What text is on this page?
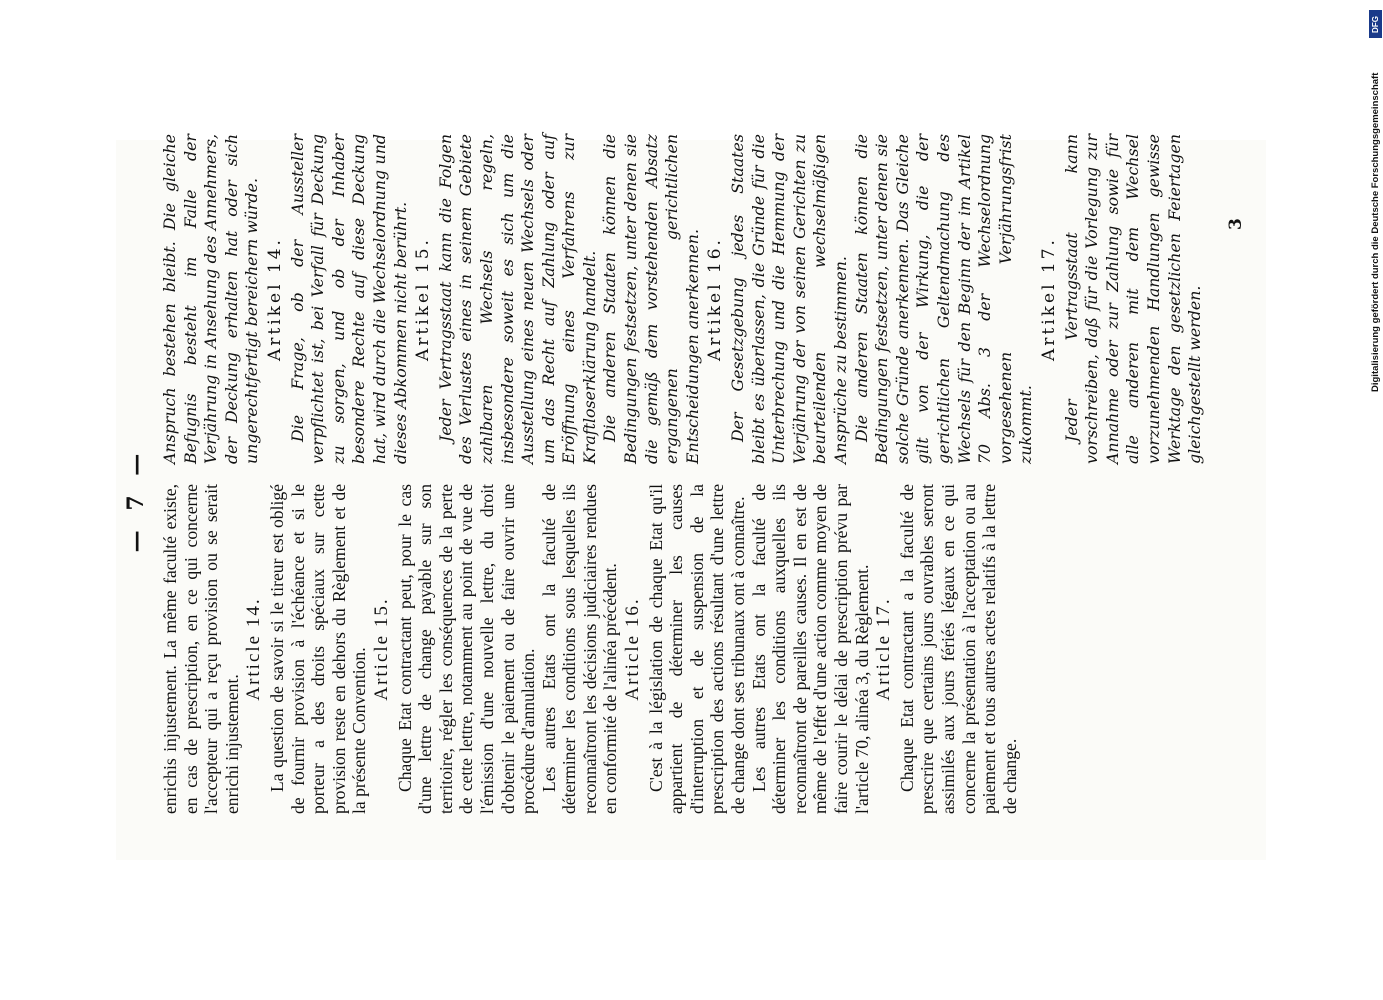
— 7 — enrichis injustement. La même faculté existe, en cas de prescription, en ce qui concerne l'accepteur qui a reçu provision ou se serait enrichi injustement.

Article 14. La question de savoir si le tireur est obligé de fournir provision à l'échéance et si le porteur a des droits spéciaux sur cette provision reste en dehors du Règlement et de la présente Convention. Article 15. Chaque Etat contractant peut, pour le cas d'une lettre de change payable sur son territoire, régler les conséquences de la perte de cette lettre, notamment au point de vue de l'émission d'une nouvelle lettre, du droit d'obtenir le paiement ou de faire ouvrir une procédure d'annulation. Les autres Etats ont la faculté de déterminer les conditions sous lesquelles ils reconnaîtront les décisions judiciaires rendues en conformité de l'alinéa précédent. Article 16. C'est à la législation de chaque Etat qu'il appartient de déterminer les causes d'interruption et de suspension de la prescription des actions résultant d'une lettre de change dont ses tribunaux ont à connaître. Les autres Etats ont la faculté de déterminer les conditions auxquelles ils reconnaîtront de pareilles causes. Il en est de même de l'effet d'une action comme moyen de faire courir le délai de prescription prévu par l'article 70, alinéa 3, du Règlement. Article 17. Chaque Etat contractant a la faculté de prescrire que certains jours ouvrables seront assimilés aux jours fériés légaux en ce qui concerne la présentation à l'acceptation ou au paiement et tous autres actes relatifs à la lettre de change.

Anspruch bestehen bleibt. Die gleiche Befugnis besteht im Falle der Verjährung in Ansehung des Annehmers, der Deckung erhalten hat oder sich ungerechtfertigt bereichern würde. Artikel 14. Die Frage, ob der Aussteller verpflichtet ist, bei Verfall für Deckung zu sorgen, und ob der Inhaber besondere Rechte auf diese Deckung hat, wird durch die Wechselordnung und dieses Abkommen nicht berührt. Artikel 15. Jeder Vertragsstaat kann die Folgen des Verlustes eines in seinem Gebiete zahlbaren Wechsels regeln, insbesondere soweit es sich um die Ausstellung eines neuen Wechsels oder um das Recht auf Zahlung oder auf Eröffnung eines Verfahrens zur Kraftloserklärung handelt. Die anderen Staaten können die Bedingungen festsetzen, unter denen sie die gemäß dem vorstehenden Absatz ergangenen gerichtlichen Entscheidungen anerkennen. Artikel 16. Der Gesetzgebung jedes Staates bleibt es überlassen, die Gründe für die Unterbrechung und die Hemmung der Verjährung der von seinen Gerichten zu beurteilenden wechselmäßigen Ansprüche zu bestimmen. Die anderen Staaten können die Bedingungen festsetzen, unter denen sie solche Gründe anerkennen. Das Gleiche gilt von der Wirkung, die der gerichtlichen Geltendmachung des Wechsels für den Beginn der im Artikel 70 Abs. 3 der Wechselordnung vorgesehenen Verjährungsfrist zukommt.

Artikel 17. Jeder Vertragsstaat kann vorschreiben, daß für die Vorlegung zur Annahme oder zur Zahlung sowie für alle anderen mit dem Wechsel vorzunehmenden Handlungen gewisse Werktage den gesetzlichen Feiertagen gleichgestellt werden.

3
DFG
Digitalisierung gefördert durch die Deutsche Forschungsgemeinschaft
